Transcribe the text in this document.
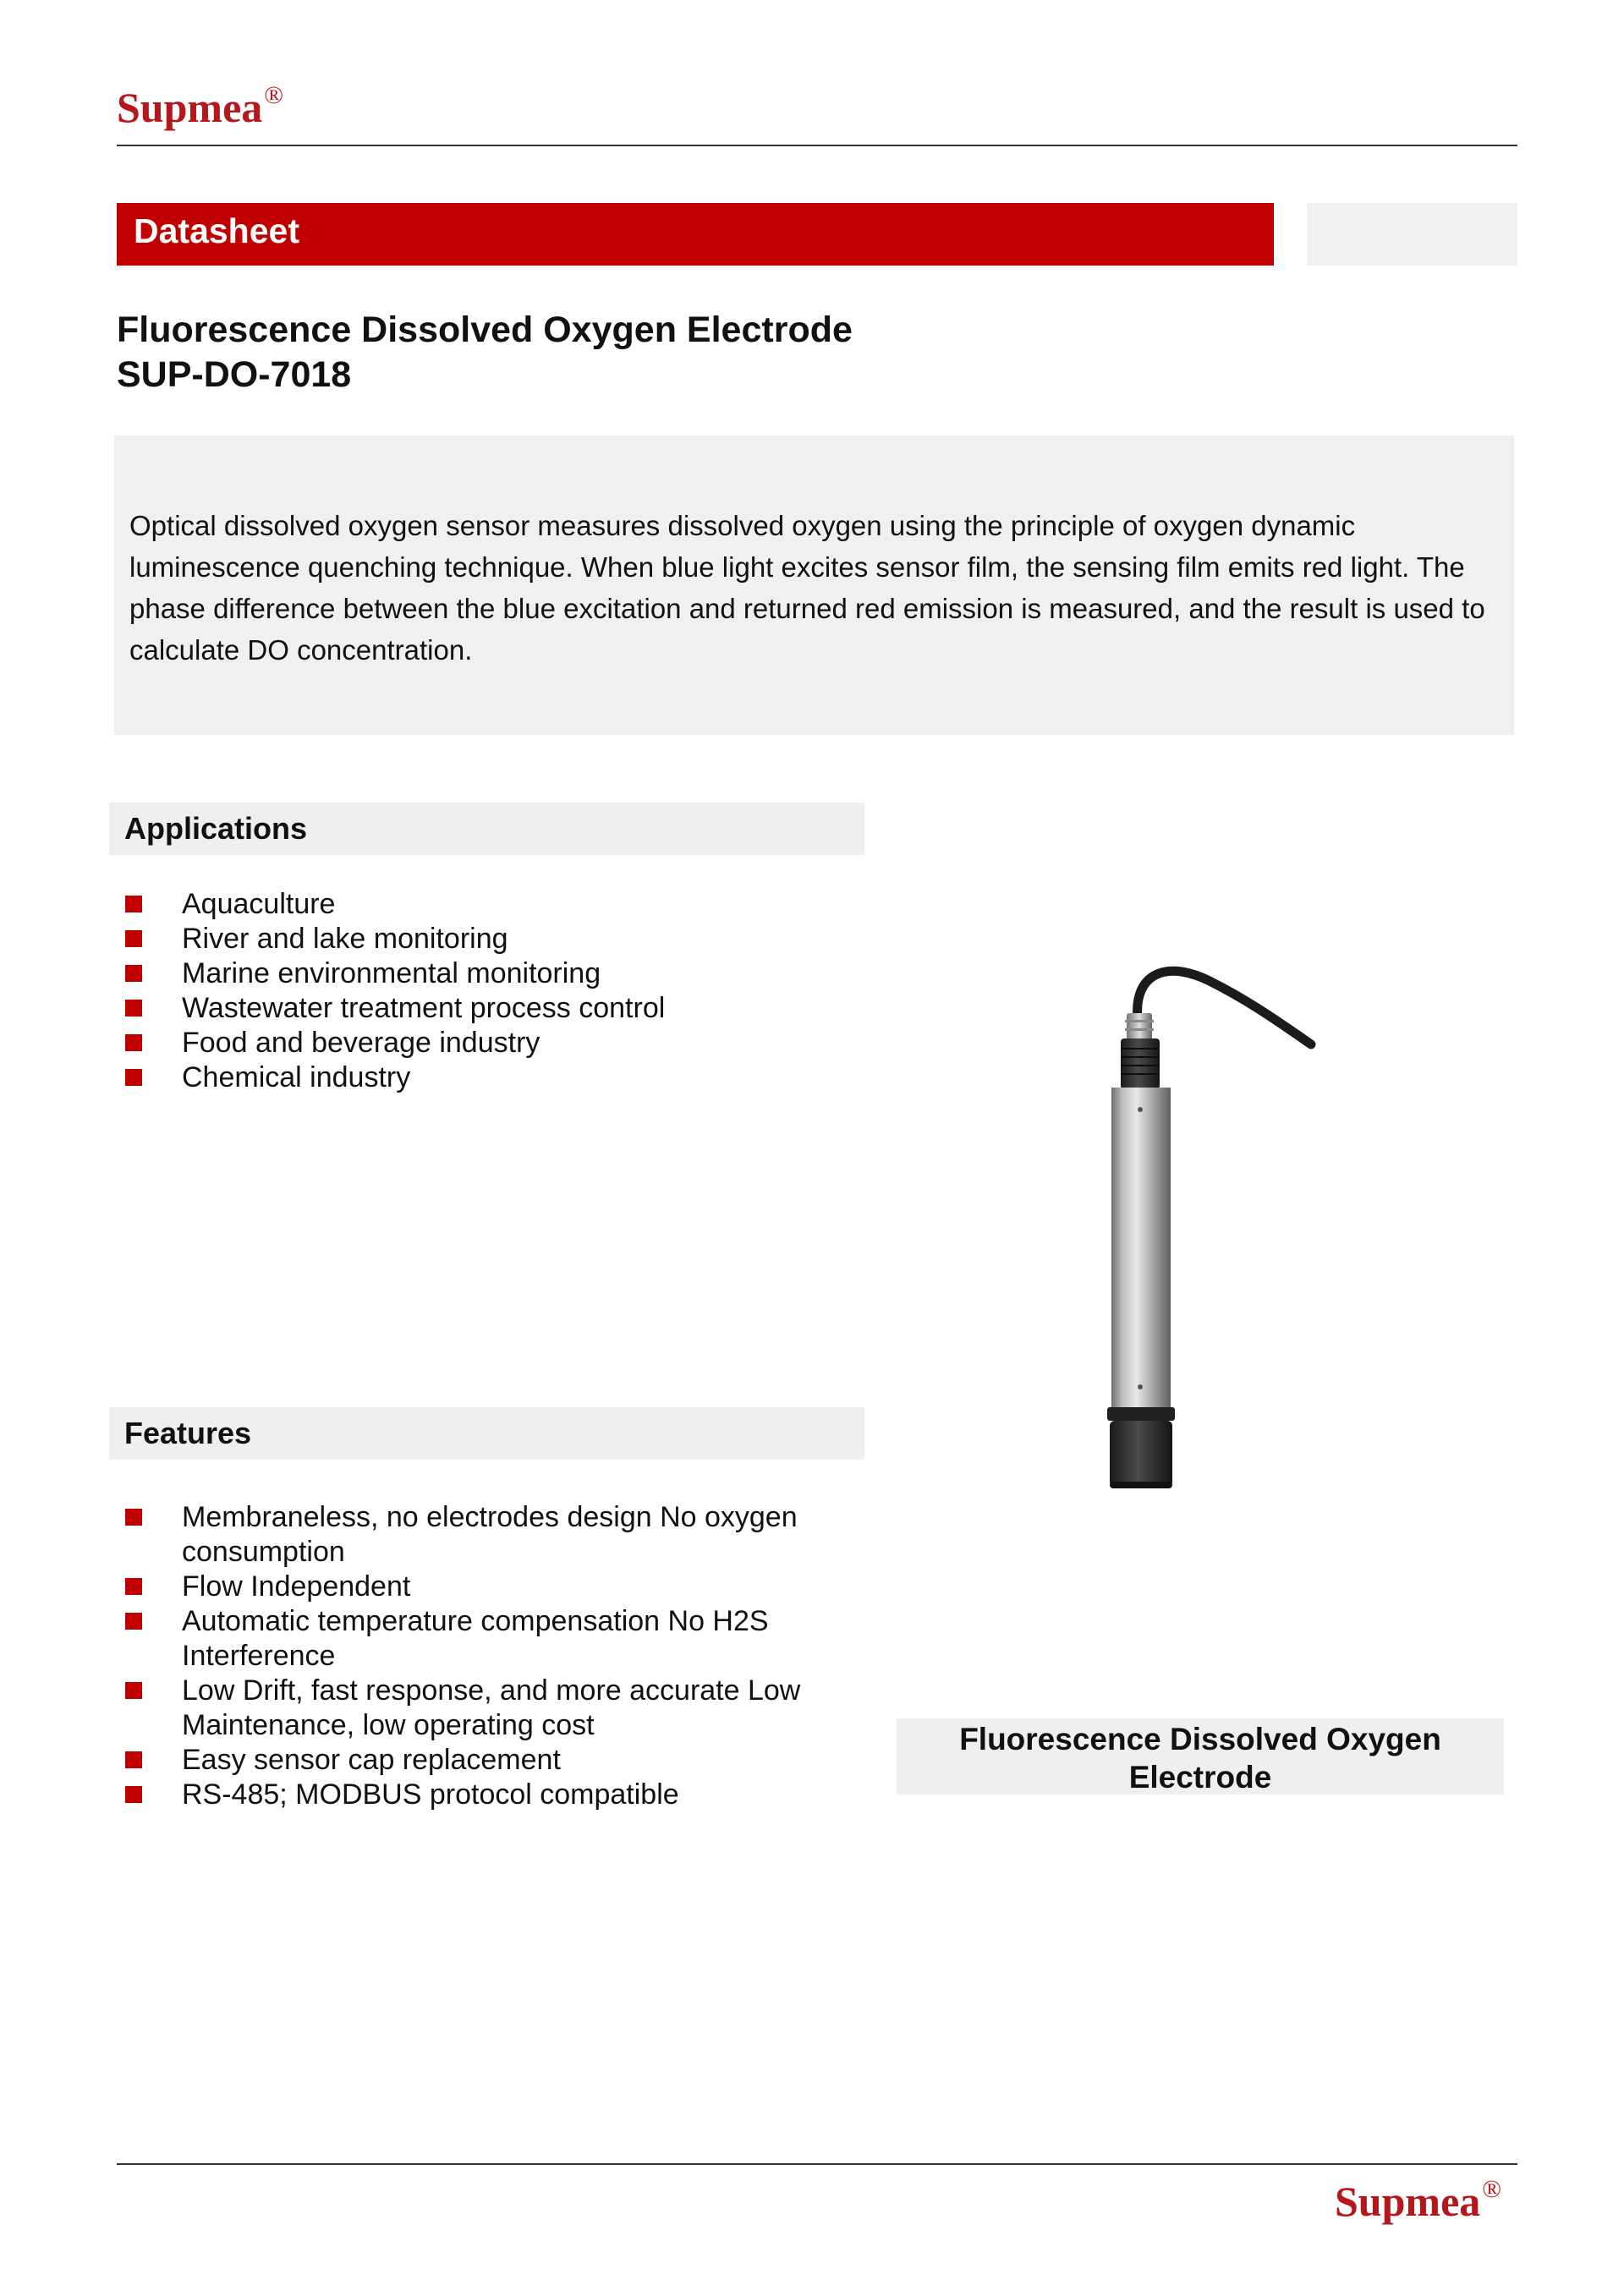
Supmea®
Datasheet
Fluorescence Dissolved Oxygen Electrode
SUP-DO-7018

Optical dissolved oxygen sensor measures dissolved oxygen using the principle of oxygen dynamic luminescence quenching technique. When blue light excites sensor film, the sensing film emits red light. The phase difference between the blue excitation and returned red emission is measured, and the result is used to calculate DO concentration.

Applications
Aquaculture
River and lake monitoring
Marine environmental monitoring
Wastewater treatment process control
Food and beverage industry
Chemical industry
Features
Membraneless, no electrodes design No oxygen consumption
Flow Independent
Automatic temperature compensation No H2S Interference
Low Drift, fast response, and more accurate Low Maintenance, low operating cost
Easy sensor cap replacement
RS-485; MODBUS protocol compatible
Fluorescence Dissolved Oxygen Electrode
Supmea®
